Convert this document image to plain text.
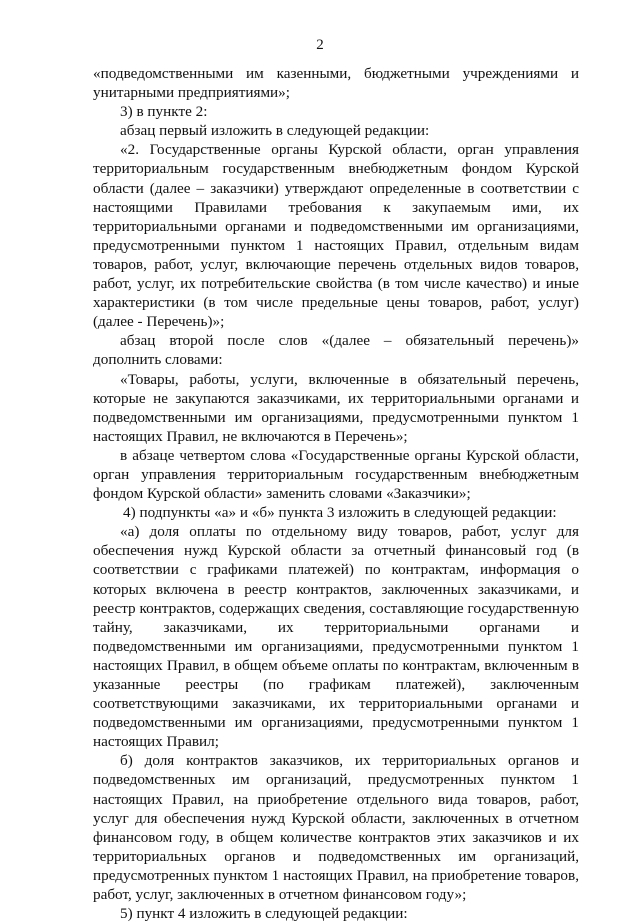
2

«подведомственными им казенными, бюджетными учреждениями и унитарными предприятиями»;

3) в пункте 2:

абзац первый изложить в следующей редакции:

«2. Государственные органы Курской области, орган управления территориальным государственным внебюджетным фондом Курской области (далее – заказчики) утверждают определенные в соответствии с настоящими Правилами требования к закупаемым ими, их территориальными органами и подведомственными им организациями, предусмотренными пунктом 1 настоящих Правил, отдельным видам товаров, работ, услуг, включающие перечень отдельных видов товаров, работ, услуг, их потребительские свойства (в том числе качество) и иные характеристики (в том числе предельные цены товаров, работ, услуг) (далее - Перечень)»;

абзац второй после слов «(далее – обязательный перечень)» дополнить словами:

«Товары, работы, услуги, включенные в обязательный перечень, которые не закупаются заказчиками, их территориальными органами и подведомственными им организациями, предусмотренными пунктом 1 настоящих Правил, не включаются в Перечень»;

в абзаце четвертом слова «Государственные органы Курской области, орган управления территориальным государственным внебюджетным фондом Курской области» заменить словами «Заказчики»;

4) подпункты «а» и «б» пункта 3 изложить в следующей редакции:

«а) доля оплаты по отдельному виду товаров, работ, услуг для обеспечения нужд Курской области за отчетный финансовый год (в соответствии с графиками платежей) по контрактам, информация о которых включена в реестр контрактов, заключенных заказчиками, и реестр контрактов, содержащих сведения, составляющие государственную тайну, заказчиками, их территориальными органами и подведомственными им организациями, предусмотренными пунктом 1 настоящих Правил, в общем объеме оплаты по контрактам, включенным в указанные реестры (по графикам платежей), заключенным соответствующими заказчиками, их территориальными органами и подведомственными им организациями, предусмотренными пунктом 1 настоящих Правил;

б) доля контрактов заказчиков, их территориальных органов и подведомственных им организаций, предусмотренных пунктом 1 настоящих Правил, на приобретение отдельного вида товаров, работ, услуг для обеспечения нужд Курской области, заключенных в отчетном финансовом году, в общем количестве контрактов этих заказчиков и их территориальных органов и подведомственных им организаций, предусмотренных пунктом 1 настоящих Правил, на приобретение товаров, работ, услуг, заключенных в отчетном финансовом году»;

5) пункт 4 изложить в следующей редакции:
